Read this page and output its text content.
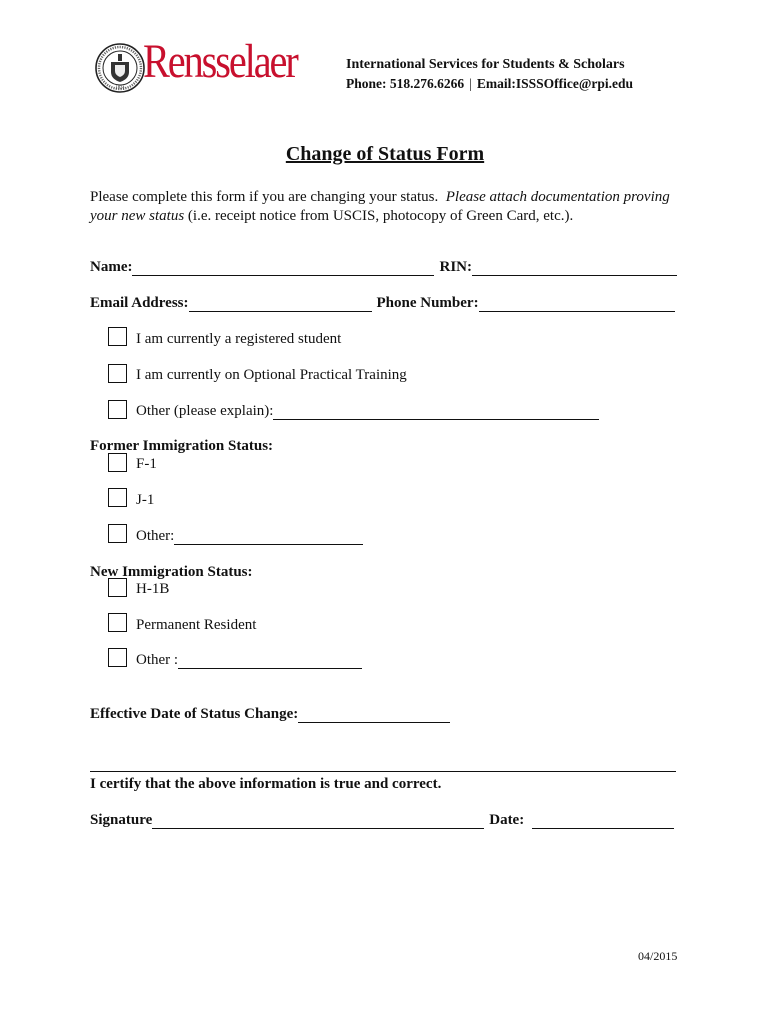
1824 Rensselaer	International Services for Students & Scholars
Phone: 518.276.6266 | Email:ISSSOffice@rpi.edu
Change of Status Form
Please complete this form if you are changing your status. Please attach documentation proving your new status (i.e. receipt notice from USCIS, photocopy of Green Card, etc.).
Name:	RIN:
Email Address:	Phone Number:
I am currently a registered student
I am currently on Optional Practical Training
Other (please explain):
Former Immigration Status:
F-1
J-1
Other:
New Immigration Status:
H-1B
Permanent Resident
Other :
Effective Date of Status Change:
I certify that the above information is true and correct.
Signature	Date:
04/2015
